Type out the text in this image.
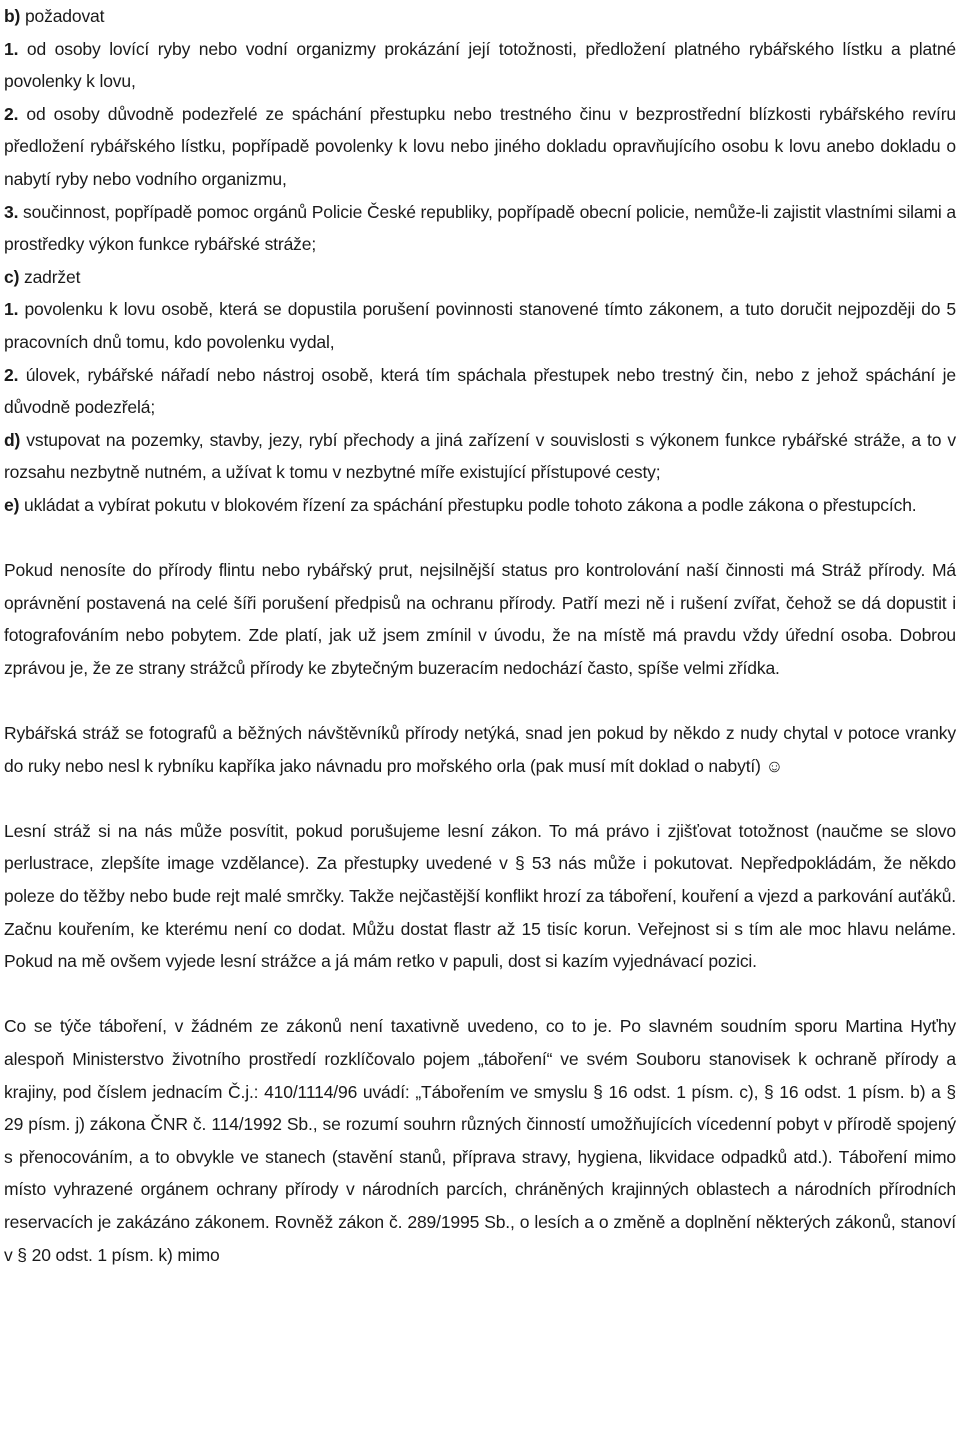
b) požadovat
1. od osoby lovící ryby nebo vodní organizmy prokázání její totožnosti, předložení platného rybářského lístku a platné povolenky k lovu,
2. od osoby důvodně podezřelé ze spáchání přestupku nebo trestného činu v bezprostřední blízkosti rybářského revíru předložení rybářského lístku, popřípadě povolenky k lovu nebo jiného dokladu opravňujícího osobu k lovu anebo dokladu o nabytí ryby nebo vodního organizmu,
3. součinnost, popřípadě pomoc orgánů Policie České republiky, popřípadě obecní policie, nemůže-li zajistit vlastními silami a prostředky výkon funkce rybářské stráže;
c) zadržet
1. povolenku k lovu osobě, která se dopustila porušení povinnosti stanovené tímto zákonem, a tuto doručit nejpozději do 5 pracovních dnů tomu, kdo povolenku vydal,
2. úlovek, rybářské nářadí nebo nástroj osobě, která tím spáchala přestupek nebo trestný čin, nebo z jehož spáchání je důvodně podezřelá;
d) vstupovat na pozemky, stavby, jezy, rybí přechody a jiná zařízení v souvislosti s výkonem funkce rybářské stráže, a to v rozsahu nezbytně nutném, a užívat k tomu v nezbytné míře existující přístupové cesty;
e) ukládat a vybírat pokutu v blokovém řízení za spáchání přestupku podle tohoto zákona a podle zákona o přestupcích.
Pokud nenosíte do přírody flintu nebo rybářský prut, nejsilnější status pro kontrolování naší činnosti má Stráž přírody. Má oprávnění postavená na celé šíři porušení předpisů na ochranu přírody. Patří mezi ně i rušení zvířat, čehož se dá dopustit i fotografováním nebo pobytem. Zde platí, jak už jsem zmínil v úvodu, že na místě má pravdu vždy úřední osoba. Dobrou zprávou je, že ze strany strážců přírody ke zbytečným buzeracím nedochází často, spíše velmi zřídka.
Rybářská stráž se fotografů a běžných návštěvníků přírody netýká, snad jen pokud by někdo z nudy chytal v potoce vranky do ruky nebo nesl k rybníku kapříka jako návnadu pro mořského orla (pak musí mít doklad o nabytí) ☺
Lesní stráž si na nás může posvítit, pokud porušujeme lesní zákon. To má právo i zjišťovat totožnost (naučme se slovo perlustrace, zlepšíte image vzdělance). Za přestupky uvedené v § 53 nás může i pokutovat. Nepředpokládám, že někdo poleze do těžby nebo bude rejt malé smrčky. Takže nejčastější konflikt hrozí za táboření, kouření a vjezd a parkování auťáků. Začnu kouřením, ke kterému není co dodat. Můžu dostat flastr až 15 tisíc korun. Veřejnost si s tím ale moc hlavu neláme. Pokud na mě ovšem vyjede lesní strážce a já mám retko v papuli, dost si kazím vyjednávací pozici.
Co se týče táboření, v žádném ze zákonů není taxativně uvedeno, co to je. Po slavném soudním sporu Martina Hyťhy alespoň Ministerstvo životního prostředí rozklíčovalo pojem „táboření“ ve svém Souboru stanovisek k ochraně přírody a krajiny, pod číslem jednacím Č.j.: 410/1114/96 uvádí: „Tábořením ve smyslu § 16 odst. 1 písm. c), § 16 odst. 1 písm. b) a § 29 písm. j) zákona ČNR č. 114/1992 Sb., se rozumí souhrn různých činností umožňujících vícedenní pobyt v přírodě spojený s přenocováním, a to obvykle ve stanech (stavění stanů, příprava stravy, hygiena, likvidace odpadků atd.). Táboření mimo místo vyhrazené orgánem ochrany přírody v národních parcích, chráněných krajinných oblastech a národních přírodních reservacích je zakázáno zákonem. Rovněž zákon č. 289/1995 Sb., o lesích a o změně a doplnění některých zákonů, stanoví v § 20 odst. 1 písm. k) mimo
